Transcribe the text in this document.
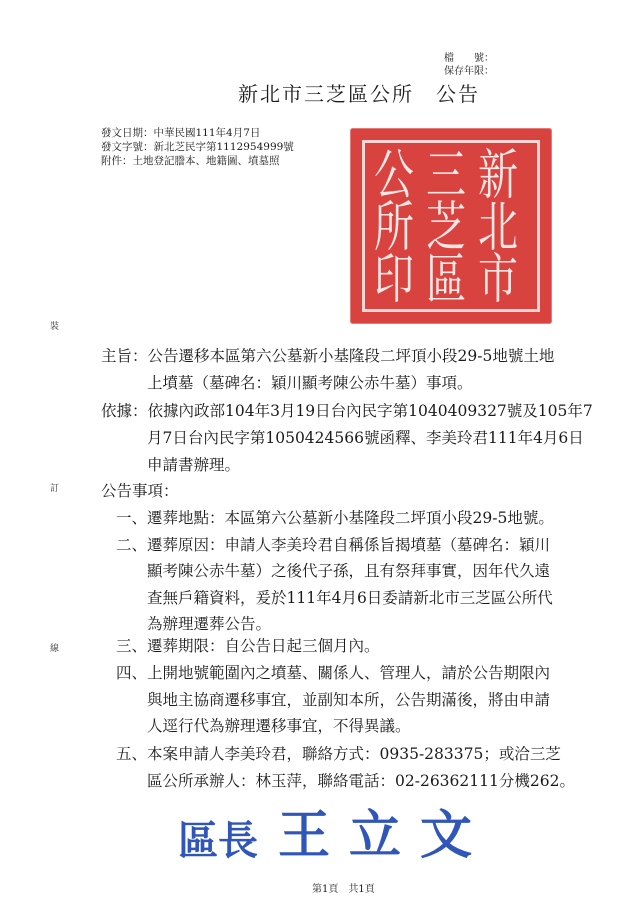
檔　　號：
保存年限：
新北市三芝區公所　公告
發文日期：中華民國111年4月7日
發文字號：新北芝民字第1112954999號
附件：土地登記謄本、地籍圖、墳墓照	新
北
市
三
芝
區
公
所
印
裝
訂
線
主旨：公告遷移本區第六公墓新小基隆段二坪頂小段29-5地號土地
上墳墓（墓碑名：穎川顯考陳公赤牛墓）事項。
依據：依據內政部104年3月19日台內民字第1040409327號及105年7
月7日台內民字第1050424566號函釋、李美玲君111年4月6日
申請書辦理。
公告事項：
一、遷葬地點：本區第六公墓新小基隆段二坪頂小段29-5地號。
二、遷葬原因：申請人李美玲君自稱係旨揭墳墓（墓碑名：穎川
顯考陳公赤牛墓）之後代子孫，且有祭拜事實，因年代久遠
查無戶籍資料，爰於111年4月6日委請新北市三芝區公所代
為辦理遷葬公告。
三、遷葬期限：自公告日起三個月內。
四、上開地號範圍內之墳墓、關係人、管理人，請於公告期限內
與地主協商遷移事宜，並副知本所，公告期滿後，將由申請
人逕行代為辦理遷移事宜，不得異議。
五、本案申請人李美玲君，聯絡方式：0935-283375；或洽三芝
區公所承辦人：林玉萍，聯絡電話：02-26362111分機262。
區長 王 立 文
第1頁　共1頁
